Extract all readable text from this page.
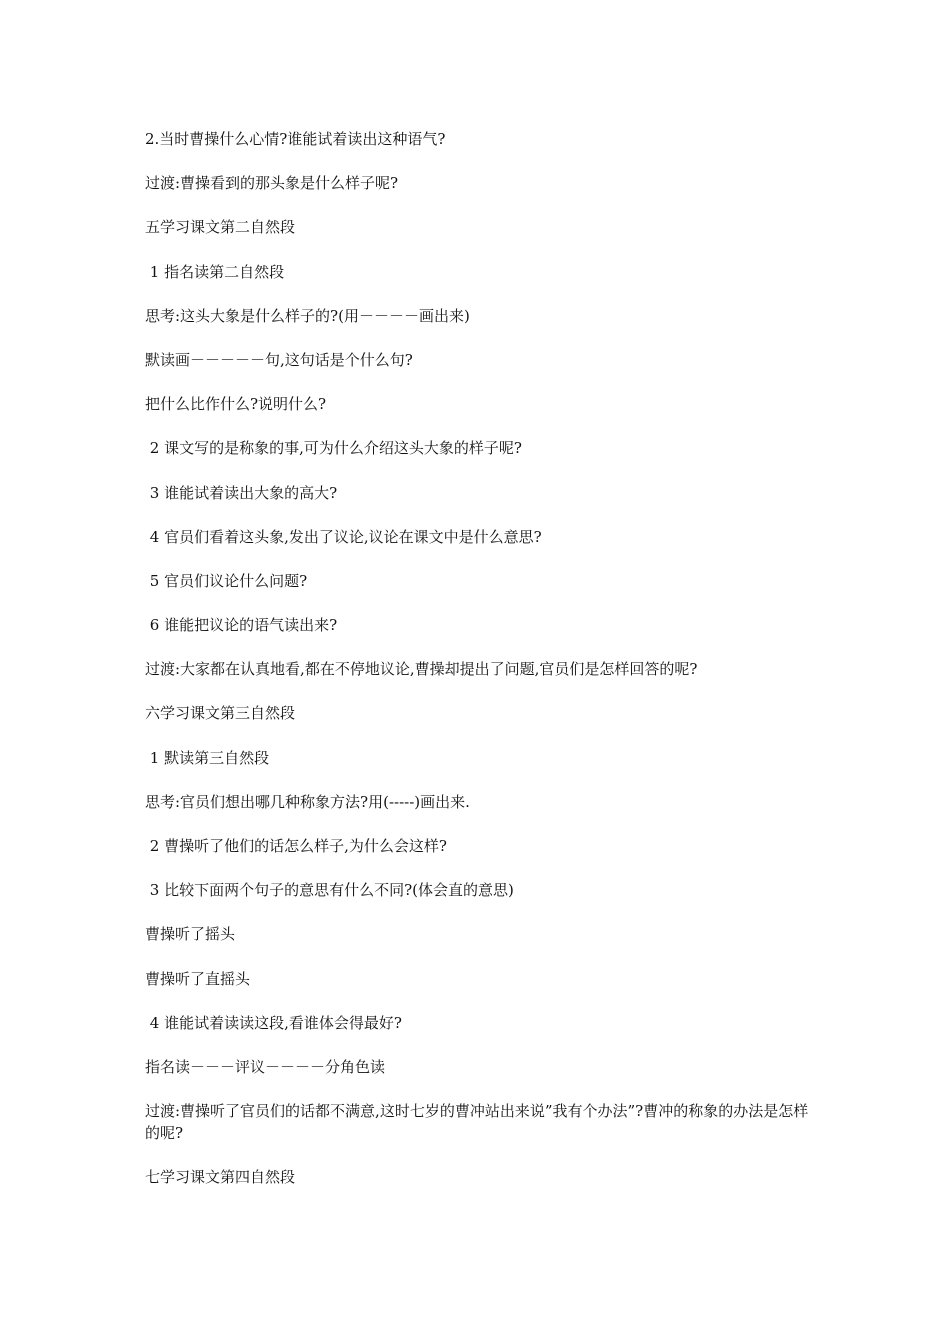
2.当时曹操什么心情?谁能试着读出这种语气?

过渡:曹操看到的那头象是什么样子呢?

五学习课文第二自然段

1 指名读第二自然段

思考:这头大象是什么样子的?(用－－－－画出来)

默读画－－－－－句,这句话是个什么句?

把什么比作什么?说明什么?

2 课文写的是称象的事,可为什么介绍这头大象的样子呢?

3 谁能试着读出大象的高大?

4 官员们看着这头象,发出了议论,议论在课文中是什么意思?

5 官员们议论什么问题?

6 谁能把议论的语气读出来?

过渡:大家都在认真地看,都在不停地议论,曹操却提出了问题,官员们是怎样回答的呢?

六学习课文第三自然段

1 默读第三自然段

思考:官员们想出哪几种称象方法?用(-----)画出来.

2 曹操听了他们的话怎么样子,为什么会这样?

3 比较下面两个句子的意思有什么不同?(体会直的意思)

曹操听了摇头

曹操听了直摇头

4 谁能试着读读这段,看谁体会得最好?

指名读－－－评议－－－－分角色读

过渡:曹操听了官员们的话都不满意,这时七岁的曹冲站出来说”我有个办法”?曹冲的称象的办法是怎样的呢?

七学习课文第四自然段
